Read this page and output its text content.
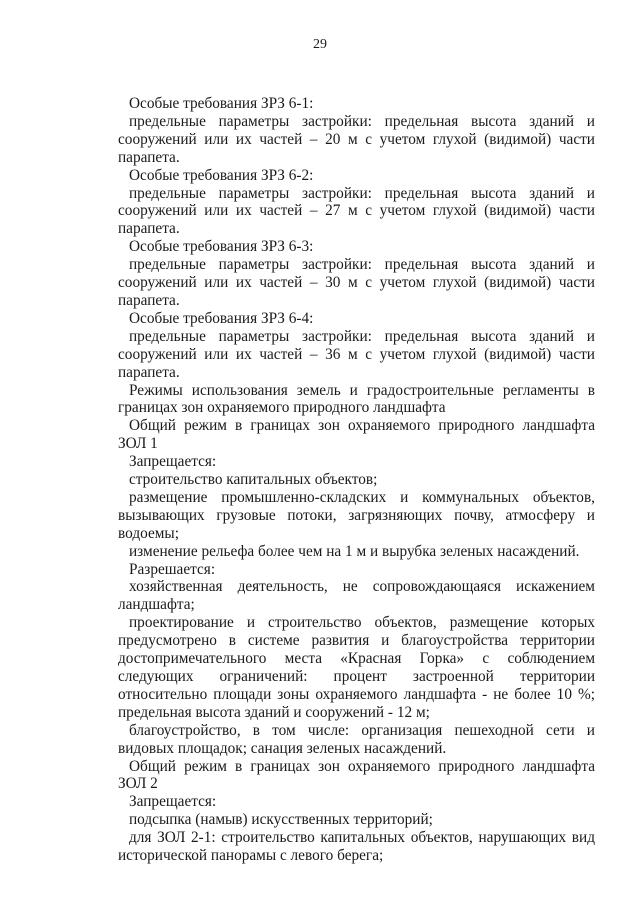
29

Особые требования ЗРЗ 6-1:

предельные параметры застройки: предельная высота зданий и сооружений или их частей – 20 м с учетом глухой (видимой) части парапета.

Особые требования ЗРЗ 6-2:

предельные параметры застройки: предельная высота зданий и сооружений или их частей – 27 м с учетом глухой (видимой) части парапета.

Особые требования ЗРЗ 6-3:

предельные параметры застройки: предельная высота зданий и сооружений или их частей – 30 м с учетом глухой (видимой) части парапета.

Особые требования ЗРЗ 6-4:

предельные параметры застройки: предельная высота зданий и сооружений или их частей – 36 м с учетом глухой (видимой) части парапета.

Режимы использования земель и градостроительные регламенты в границах зон охраняемого природного ландшафта

Общий режим в границах зон охраняемого природного ландшафта ЗОЛ 1

Запрещается:

строительство капитальных объектов;

размещение промышленно-складских и коммунальных объектов, вызывающих грузовые потоки, загрязняющих почву, атмосферу и водоемы;

изменение рельефа более чем на 1 м и вырубка зеленых насаждений.

Разрешается:

хозяйственная деятельность, не сопровождающаяся искажением ландшафта;

проектирование и строительство объектов, размещение которых предусмотрено в системе развития и благоустройства территории достопримечательного места «Красная Горка» с соблюдением следующих ограничений: процент застроенной территории относительно площади зоны охраняемого ландшафта - не более 10 %; предельная высота зданий и сооружений - 12 м;

благоустройство, в том числе: организация пешеходной сети и видовых площадок; санация зеленых насаждений.

Общий режим в границах зон охраняемого природного ландшафта ЗОЛ 2

Запрещается:

подсыпка (намыв) искусственных территорий;

для ЗОЛ 2-1: строительство капитальных объектов, нарушающих вид исторической панорамы с левого берега;
